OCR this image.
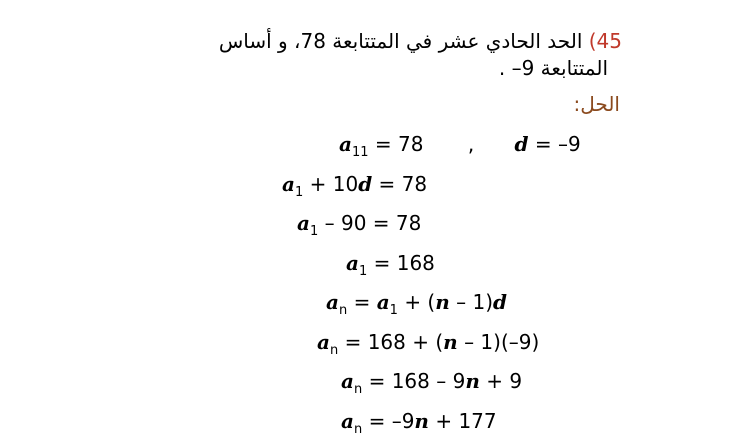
45) الحد الحادي عشر في المتتابعة 78، و أساس
المتتابعة 9– .
الحل:
$a_{11} = 78$ , d = –9
$a_1 + 10d = 78$
$a_1 - 90 = 78$
$a_1 = 168$
$a_n = a_1 + (n - 1)d$
$a_n = 168 + (n - 1)(-9)$
$a_n = 168 - 9n + 9$
$a_n = -9n + 177$
